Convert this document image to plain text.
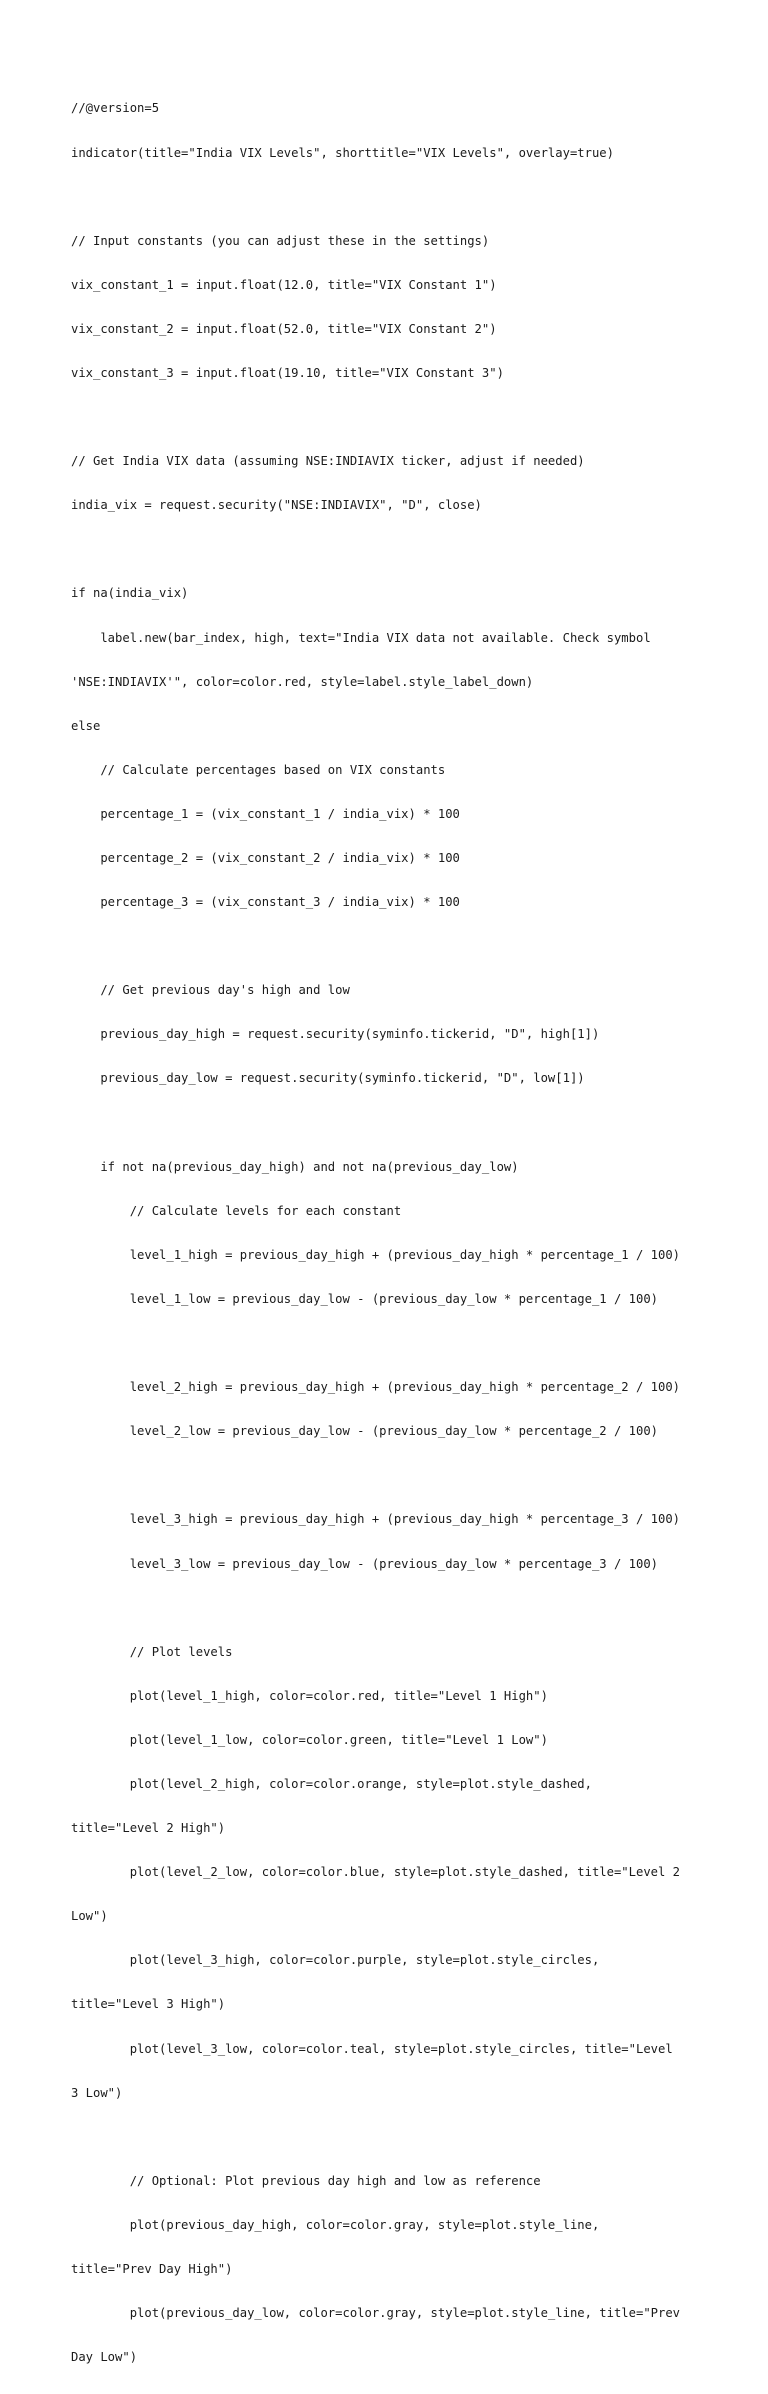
//@version=5

indicator(title="India VIX Levels", shorttitle="VIX Levels", overlay=true)

// Input constants (you can adjust these in the settings)

vix_constant_1 = input.float(12.0, title="VIX Constant 1")

vix_constant_2 = input.float(52.0, title="VIX Constant 2")

vix_constant_3 = input.float(19.10, title="VIX Constant 3")

// Get India VIX data (assuming NSE:INDIAVIX ticker, adjust if needed)

india_vix = request.security("NSE:INDIAVIX", "D", close)

if na(india_vix)

label.new(bar_index, high, text="India VIX data not available. Check symbol

'NSE:INDIAVIX'", color=color.red, style=label.style_label_down)

else

// Calculate percentages based on VIX constants

percentage_1 = (vix_constant_1 / india_vix) * 100

percentage_2 = (vix_constant_2 / india_vix) * 100

percentage_3 = (vix_constant_3 / india_vix) * 100

// Get previous day's high and low

previous_day_high = request.security(syminfo.tickerid, "D", high[1])

previous_day_low = request.security(syminfo.tickerid, "D", low[1])

if not na(previous_day_high) and not na(previous_day_low)

// Calculate levels for each constant

level_1_high = previous_day_high + (previous_day_high * percentage_1 / 100)

level_1_low = previous_day_low - (previous_day_low * percentage_1 / 100)

level_2_high = previous_day_high + (previous_day_high * percentage_2 / 100)

level_2_low = previous_day_low - (previous_day_low * percentage_2 / 100)

level_3_high = previous_day_high + (previous_day_high * percentage_3 / 100)

level_3_low = previous_day_low - (previous_day_low * percentage_3 / 100)

// Plot levels

plot(level_1_high, color=color.red, title="Level 1 High")

plot(level_1_low, color=color.green, title="Level 1 Low")

plot(level_2_high, color=color.orange, style=plot.style_dashed,

title="Level 2 High")

plot(level_2_low, color=color.blue, style=plot.style_dashed, title="Level 2

Low")

plot(level_3_high, color=color.purple, style=plot.style_circles,

title="Level 3 High")

plot(level_3_low, color=color.teal, style=plot.style_circles, title="Level

3 Low")

// Optional: Plot previous day high and low as reference

plot(previous_day_high, color=color.gray, style=plot.style_line,

title="Prev Day High")

plot(previous_day_low, color=color.gray, style=plot.style_line, title="Prev

Day Low")
